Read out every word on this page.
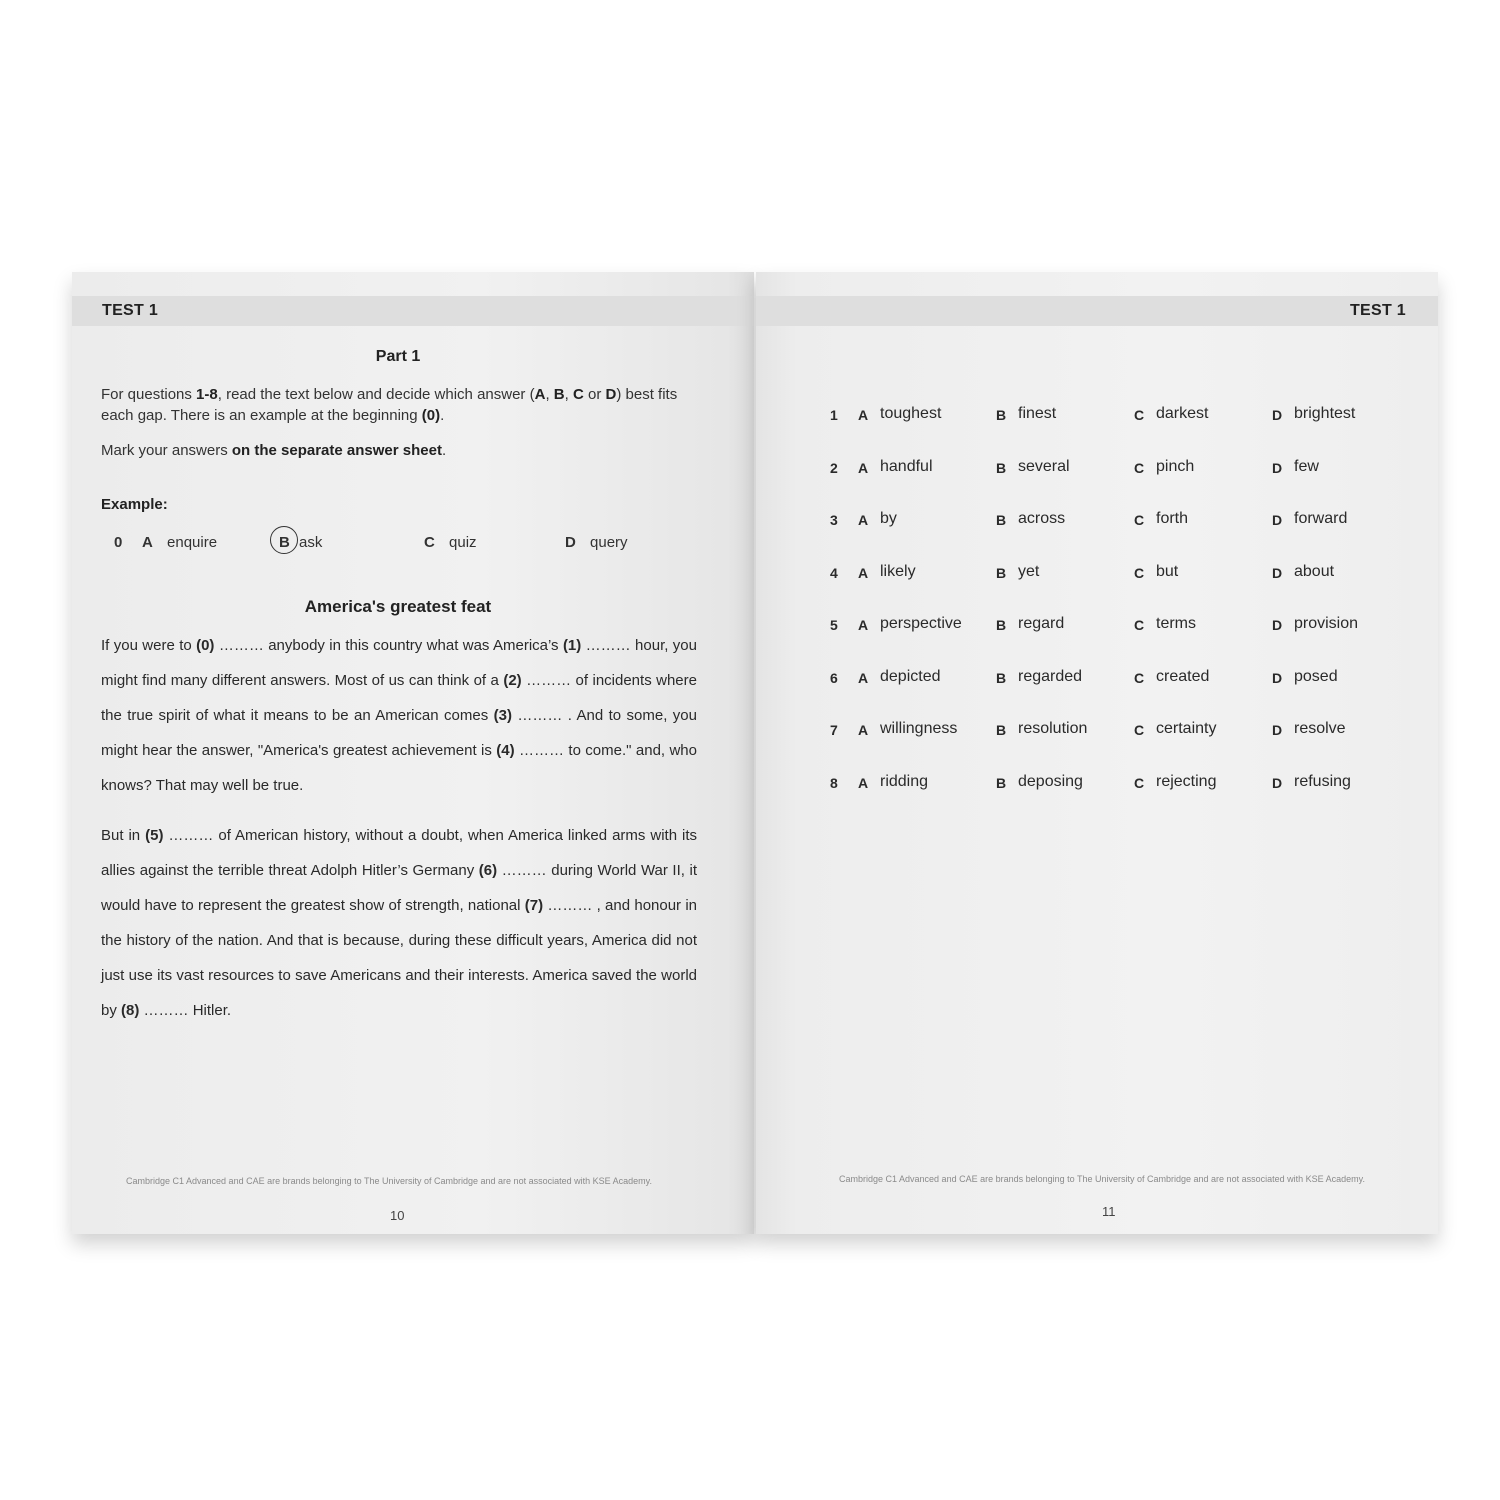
TEST 1
Part 1
For questions 1-8, read the text below and decide which answer (A, B, C or D) best fits each gap. There is an example at the beginning (0).
Mark your answers on the separate answer sheet.
Example:
0 A enquire	B ask	C quiz	D query
America's greatest feat
If you were to (0) ……… anybody in this country what was America’s (1) ……… hour, you might find many different answers. Most of us can think of a (2) ……… of incidents where the true spirit of what it means to be an American comes (3) ……… . And to some, you might hear the answer, "America's greatest achievement is (4) ……… to come." and, who knows? That may well be true.
But in (5) ……… of American history, without a doubt, when America linked arms with its allies against the terrible threat Adolph Hitler’s Germany (6) ……… during World War II, it would have to represent the greatest show of strength, national (7) ……… , and honour in the history of the nation. And that is because, during these difficult years, America did not just use its vast resources to save Americans and their interests. America saved the world by (8) ……… Hitler.
Cambridge C1 Advanced and CAE are brands belonging to The University of Cambridge and are not associated with KSE Academy.
10
TEST 1
1 A toughest	B finest	C darkest	D brightest
2 A handful	B several	C pinch	D few
3 A by	B across	C forth	D forward
4 A likely	B yet	C but	D about
5 A perspective B regard	C terms	D provision
6 A depicted	B regarded	C created	D posed
7 A willingness	B resolution	C certainty	D resolve
8 A ridding	B deposing	C rejecting	D refusing
Cambridge C1 Advanced and CAE are brands belonging to The University of Cambridge and are not associated with KSE Academy.
11
